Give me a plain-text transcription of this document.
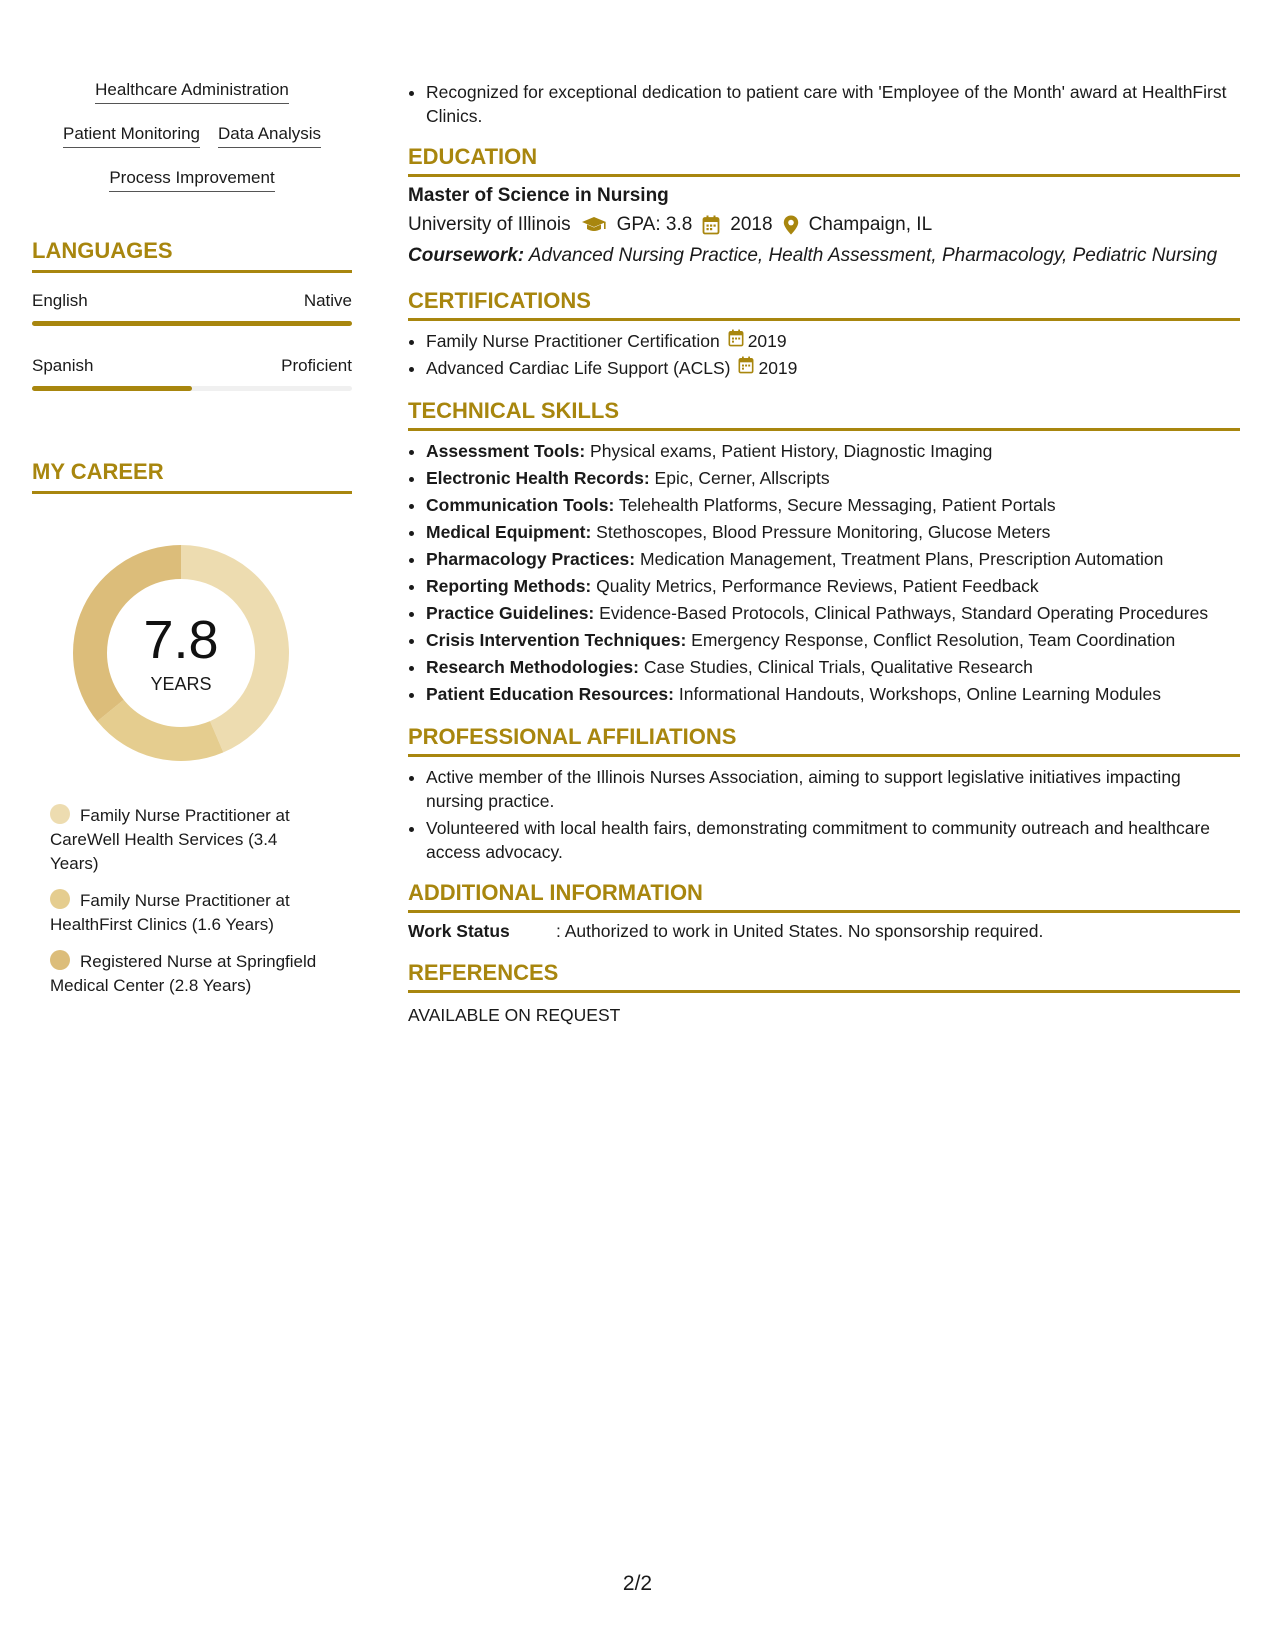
Healthcare Administration
Patient Monitoring Data Analysis
Process Improvement
LANGUAGES
English	Native
Spanish	Proficient
MY CAREER
7.8
YEARS
Family Nurse Practitioner at CareWell Health Services (3.4 Years)
Family Nurse Practitioner at HealthFirst Clinics (1.6 Years)
Registered Nurse at Springfield Medical Center (2.8 Years)
• Recognized for exceptional dedication to patient care with 'Employee of the Month' award at HealthFirst Clinics.
EDUCATION
Master of Science in Nursing
University of Illinois GPA: 3.8 2018 Champaign, IL
Coursework: Advanced Nursing Practice, Health Assessment, Pharmacology, Pediatric Nursing
CERTIFICATIONS
• Family Nurse Practitioner Certification 2019
• Advanced Cardiac Life Support (ACLS) 2019
TECHNICAL SKILLS
• Assessment Tools: Physical exams, Patient History, Diagnostic Imaging
• Electronic Health Records: Epic, Cerner, Allscripts
• Communication Tools: Telehealth Platforms, Secure Messaging, Patient Portals
• Medical Equipment: Stethoscopes, Blood Pressure Monitoring, Glucose Meters
• Pharmacology Practices: Medication Management, Treatment Plans, Prescription Automation
• Reporting Methods: Quality Metrics, Performance Reviews, Patient Feedback
• Practice Guidelines: Evidence-Based Protocols, Clinical Pathways, Standard Operating Procedures
• Crisis Intervention Techniques: Emergency Response, Conflict Resolution, Team Coordination
• Research Methodologies: Case Studies, Clinical Trials, Qualitative Research
• Patient Education Resources: Informational Handouts, Workshops, Online Learning Modules
PROFESSIONAL AFFILIATIONS
• Active member of the Illinois Nurses Association, aiming to support legislative initiatives impacting nursing practice.
• Volunteered with local health fairs, demonstrating commitment to community outreach and healthcare access advocacy.
ADDITIONAL INFORMATION
Work Status	: Authorized to work in United States. No sponsorship required.
REFERENCES
AVAILABLE ON REQUEST
2/2
